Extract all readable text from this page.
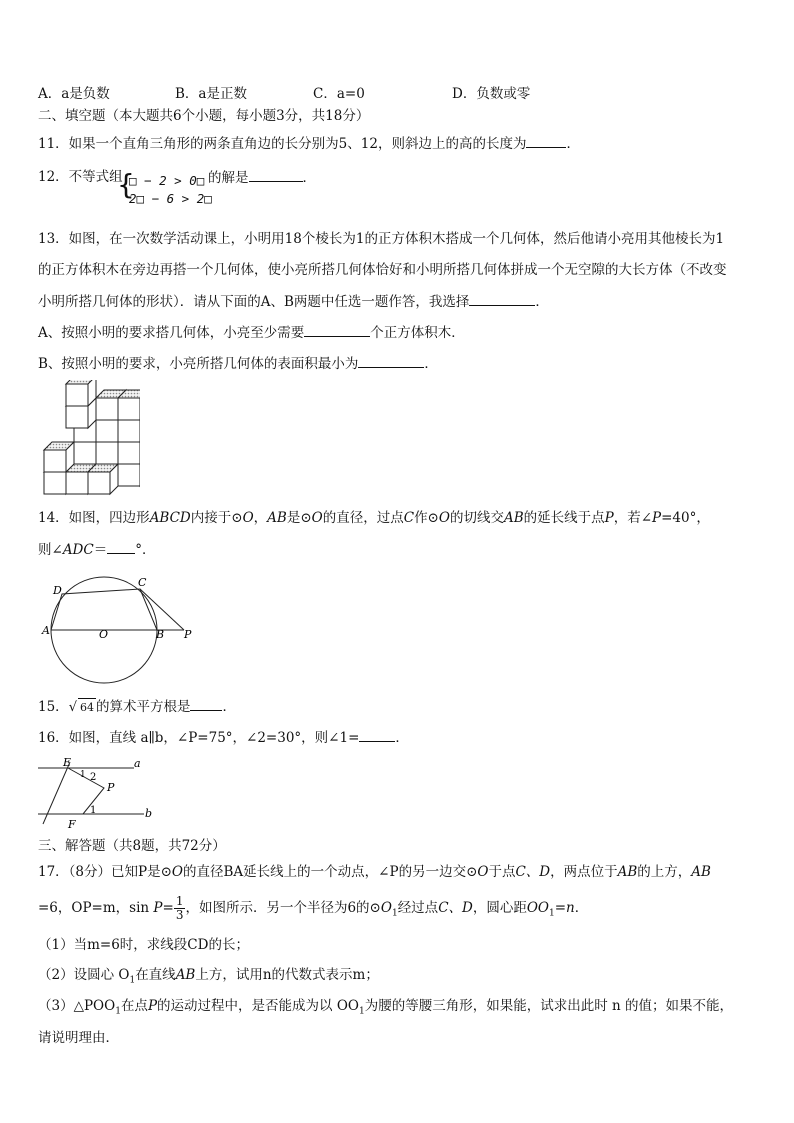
A．a是负数	B．a是正数	C．a=0	D．负数或零
二、填空题（本大题共6个小题，每小题3分，共18分）
11．如果一个直角三角形的两条直角边的长分别为5、12，则斜边上的高的长度为	．
12．不等式组
{
□ − 2 > 0□
2□ − 6 > 2□
的解是	．
13．如图，在一次数学活动课上，小明用18个棱长为1的正方体积木搭成一个几何体，然后他请小亮用其他棱长为1
的正方体积木在旁边再搭一个几何体，使小亮所搭几何体恰好和小明所搭几何体拼成一个无空隙的大长方体（不改变
小明所搭几何体的形状）．请从下面的A、B两题中任选一题作答，我选择	．
A、按照小明的要求搭几何体，小亮至少需要	个正方体积木．
B、按照小明的要求，小亮所搭几何体的表面积最小为	．
14．如图，四边形ABCD内接于⊙O，AB是⊙O的直径，过点C作⊙O的切线交AB的延长线于点P，若∠P=40°，
则∠ADC＝ °．
D
C
A	O	B P
15．√ 64 的算术平方根是 ．
16．如图，直线 a∥b，∠P=75°，∠2=30°，则∠1=	．
E	a
1 2
P
1	b
F
三、解答题（共8题，共72分）
17．（8分）已知P是⊙O的直径BA延长线上的一个动点，∠P的另一边交⊙O于点C、D，两点位于AB的上方，AB
=6，OP=m，$\sin P= \frac{1}{3}$ ，如图所示．另一个半径为6的$⊙O_1$经过点C、D，圆心距$OO_1=n$．
（1）当m=6时，求线段CD的长；
（2）设圆心 $O_1$在直线AB上方，试用n的代数式表示m；
$(3)\triangle POO_1$在点P的运动过程中，是否能成为以 $OO_1$为腰的等腰三角形，如果能，试求出此时 n 的值；如果不能，
请说明理由．
